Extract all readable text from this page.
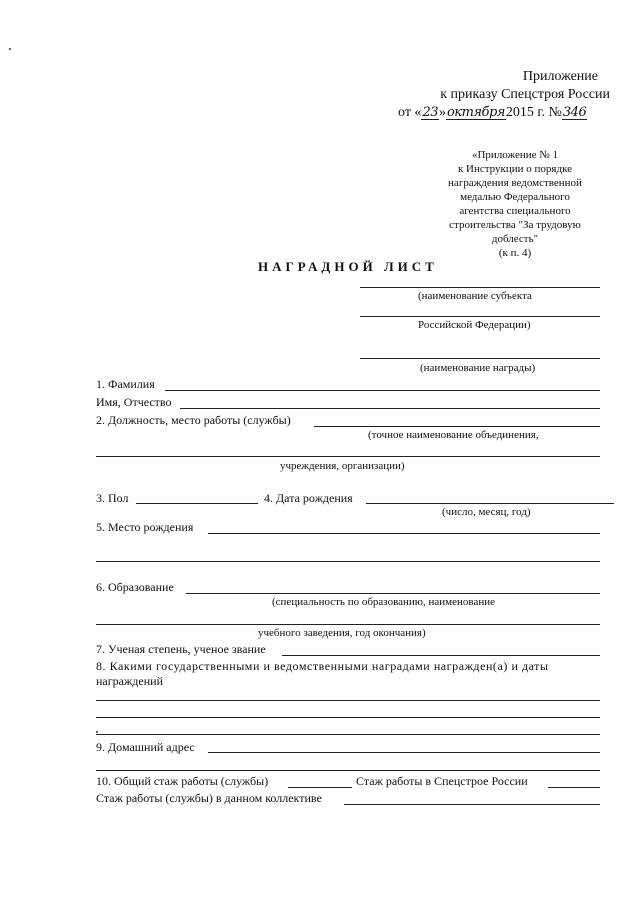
Приложение
к приказу Спецстроя России
от «23»октября2015 г. №346
«Приложение № 1
к Инструкции о порядке
награждения ведомственной
медалью Федерального
агентства специального
строительства "За трудовую
доблесть"
(к п. 4)
НАГРАДНОЙ ЛИСТ
(наименование субъекта
Российской Федерации)
(наименование награды)
1. Фамилия
Имя, Отчество
2. Должность, место работы (службы)
(точное наименование объединения,
учреждения, организации)
3. Пол	4. Дата рождения
(число, месяц, год)
5. Место рождения
6. Образование
(специальность по образованию, наименование
учебного заведения, год окончания)
7. Ученая степень, ученое звание
8. Какими государственными и ведомственными наградами награжден(а) и даты
награждений
9. Домашний адрес
10. Общий стаж работы (службы)	Стаж работы в Спецстрое России
Стаж работы (службы) в данном коллективе
